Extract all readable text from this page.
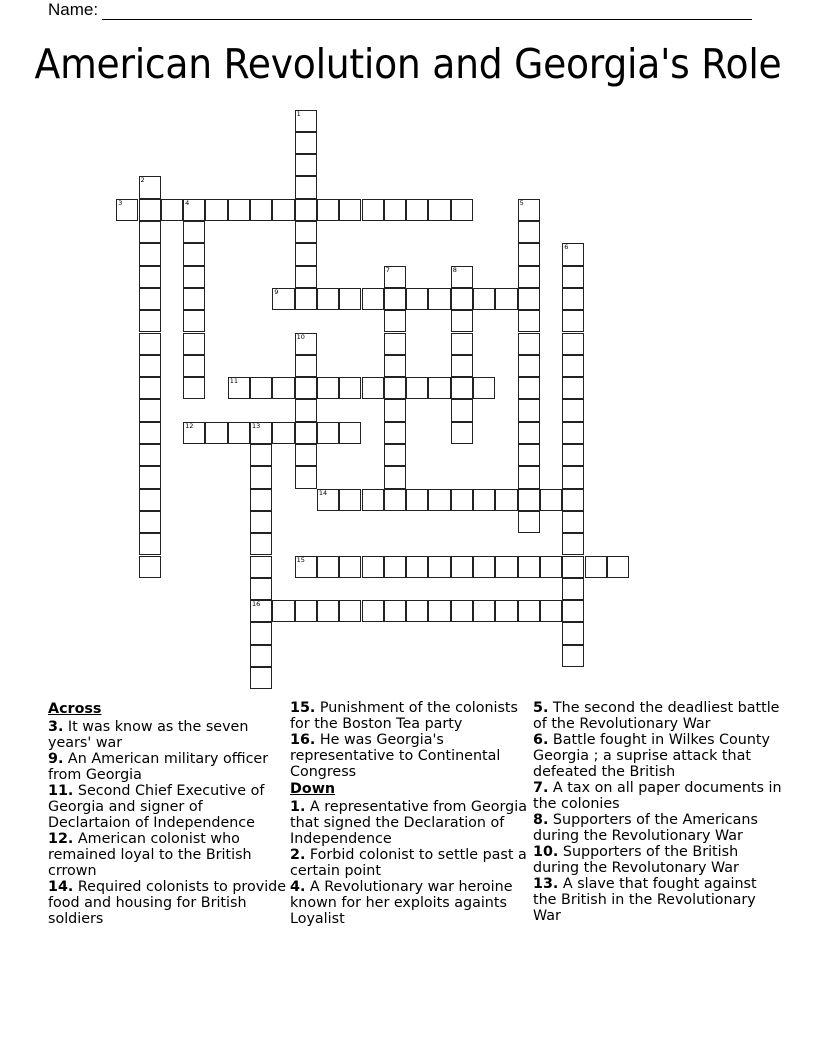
Name:
American Revolution and Georgia's Role
1
2
3	4	5
6
7	8
9
10
11
12	13
16
14
15
Across
3. It was know as the seven years' war
9. An American military officer from Georgia
11. Second Chief Executive of Georgia and signer of Declartaion of Independence
12. American colonist who remained loyal to the British crrown
14. Required colonists to provide food and housing for British soldiers
15. Punishment of the colonists for the Boston Tea party
16. He was Georgia's representative to Continental Congress
Down
1. A representative from Georgia that signed the Declaration of Independence
2. Forbid colonist to settle past a certain point
4. A Revolutionary war heroine known for her exploits againts Loyalist
5. The second the deadliest battle of the Revolutionary War
6. Battle fought in Wilkes County Georgia ; a suprise attack that defeated the British
7. A tax on all paper documents in the colonies
8. Supporters of the Americans during the Revolutionary War
10. Supporters of the British during the Revolutonary War
13. A slave that fought against the British in the Revolutionary War
